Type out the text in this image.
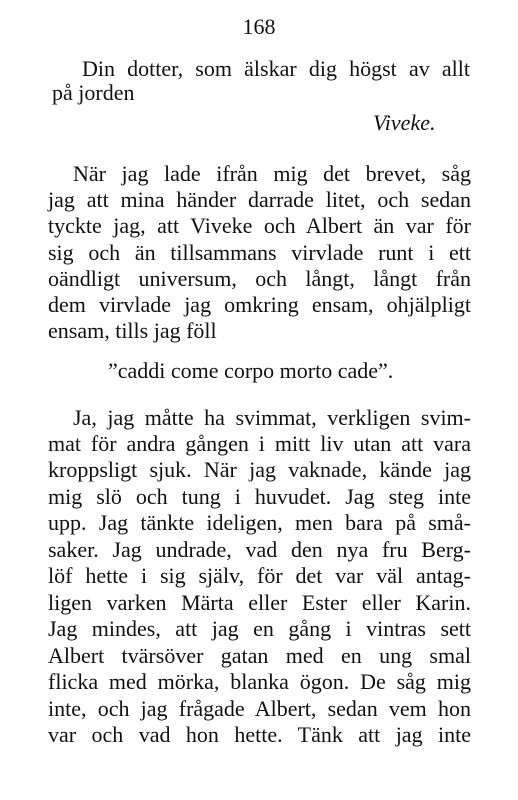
168
Din dotter, som älskar dig högst av allt
på jorden
Viveke.
När jag lade ifrån mig det brevet, såg
jag att mina händer darrade litet, och sedan
tyckte jag, att Viveke och Albert än var för
sig och än tillsammans virvlade runt i ett
oändligt universum, och långt, långt från
dem virvlade jag omkring ensam, ohjälpligt
ensam, tills jag föll
”caddi come corpo morto cade”.
Ja, jag måtte ha svimmat, verkligen svim-
mat för andra gången i mitt liv utan att vara
kroppsligt sjuk. När jag vaknade, kände jag
mig slö och tung i huvudet. Jag steg inte
upp. Jag tänkte ideligen, men bara på små-
saker. Jag undrade, vad den nya fru Berg-
löf hette i sig själv, för det var väl antag-
ligen varken Märta eller Ester eller Karin.
Jag mindes, att jag en gång i vintras sett
Albert tvärsöver gatan med en ung smal
flicka med mörka, blanka ögon. De såg mig
inte, och jag frågade Albert, sedan vem hon
var och vad hon hette. Tänk att jag inte
